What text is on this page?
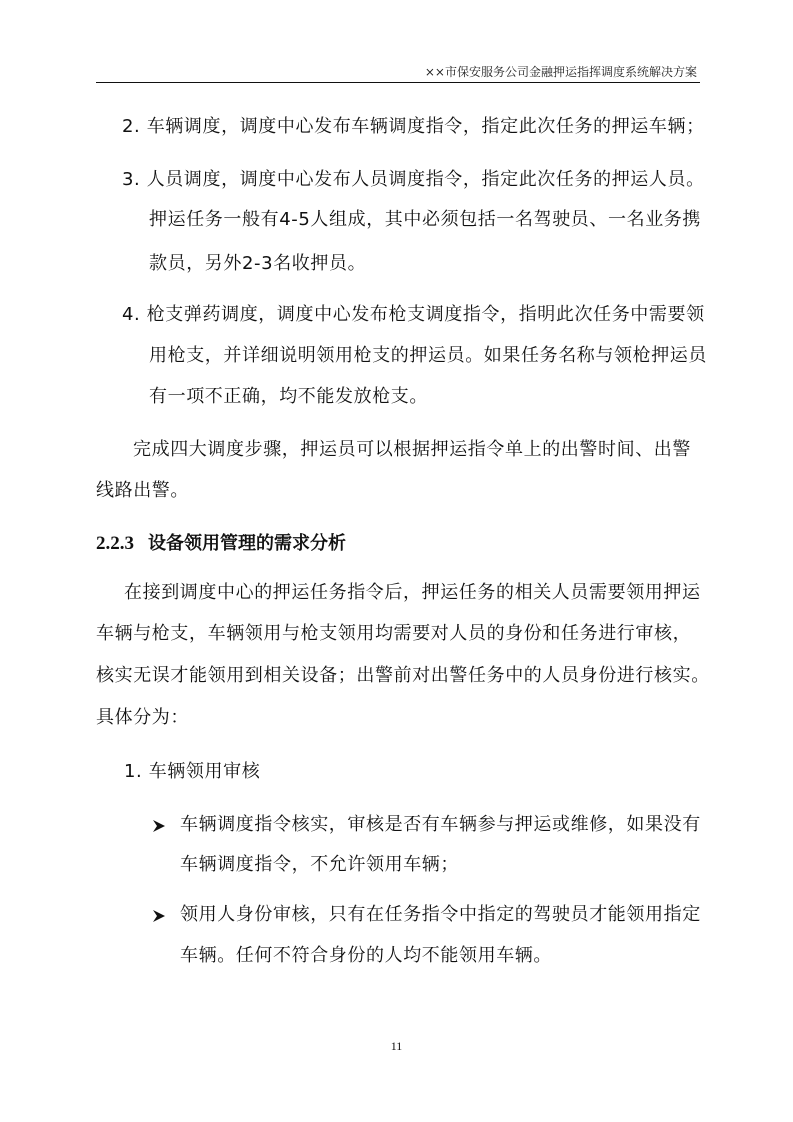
××市保安服务公司金融押运指挥调度系统解决方案
2. 车辆调度，调度中心发布车辆调度指令，指定此次任务的押运车辆；
3. 人员调度，调度中心发布人员调度指令，指定此次任务的押运人员。
押运任务一般有4-5人组成，其中必须包括一名驾驶员、一名业务携
款员，另外2-3名收押员。
4. 枪支弹药调度，调度中心发布枪支调度指令，指明此次任务中需要领
用枪支，并详细说明领用枪支的押运员。如果任务名称与领枪押运员
有一项不正确，均不能发放枪支。
完成四大调度步骤，押运员可以根据押运指令单上的出警时间、出警
线路出警。
2.2.3 设备领用管理的需求分析
在接到调度中心的押运任务指令后，押运任务的相关人员需要领用押运
车辆与枪支，车辆领用与枪支领用均需要对人员的身份和任务进行审核，
核实无误才能领用到相关设备；出警前对出警任务中的人员身份进行核实。
具体分为：
1. 车辆领用审核
车辆调度指令核实，审核是否有车辆参与押运或维修，如果没有
车辆调度指令，不允许领用车辆；
领用人身份审核，只有在任务指令中指定的驾驶员才能领用指定
车辆。任何不符合身份的人均不能领用车辆。
11
